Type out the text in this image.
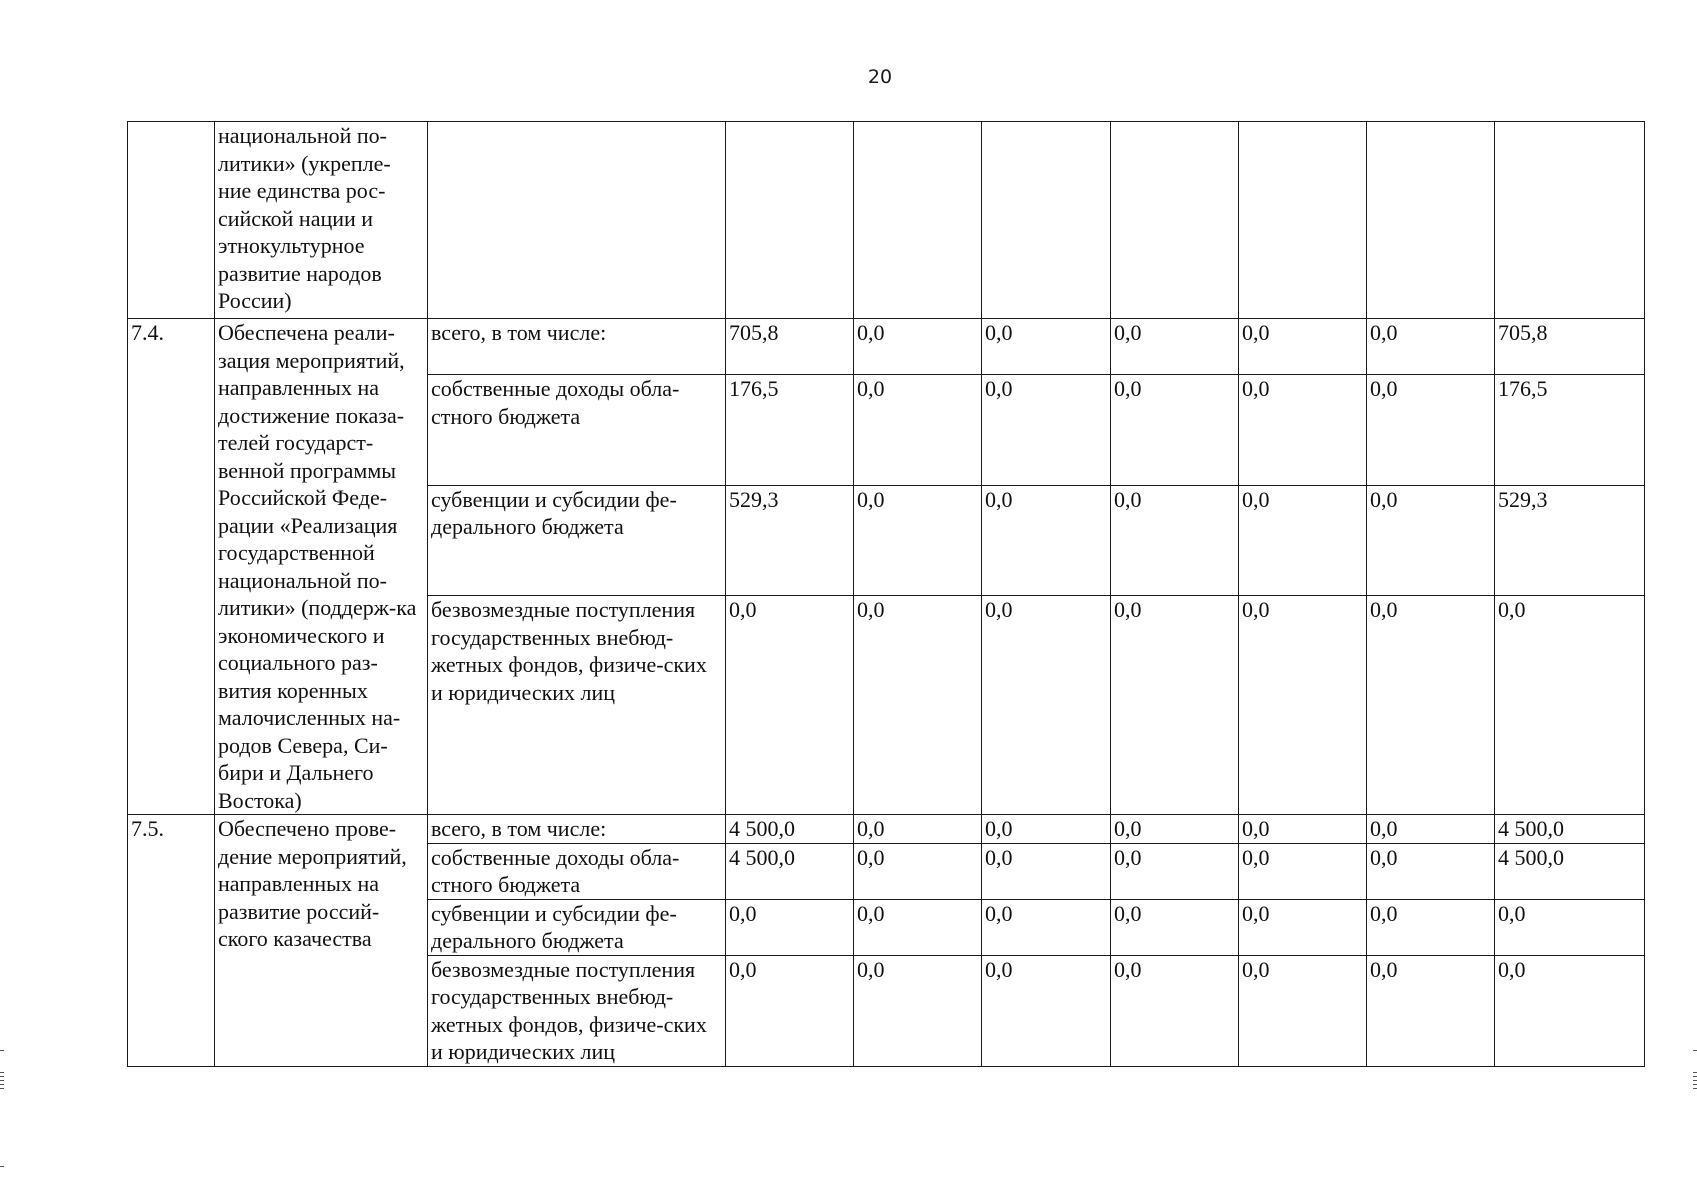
20
	национальной по-литики» (укрепле-ние единства рос-сийской нации и этнокультурное развитие народов России)								
7.4.	Обеспечена реали-зация мероприятий, направленных на достижение показа-телей государст-венной программы Российской Феде-рации «Реализация государственной национальной по-литики» (поддерж-ка экономического и социального раз-вития коренных малочисленных на-родов Севера, Си-бири и Дальнего Востока)	всего, в том числе:	705,8	0,0	0,0	0,0	0,0	0,0	705,8
		собственные доходы обла-стного бюджета	176,5	0,0	0,0	0,0	0,0	0,0	176,5
		субвенции и субсидии фе-дерального бюджета	529,3	0,0	0,0	0,0	0,0	0,0	529,3
		безвозмездные поступления государственных внебюд-жетных фондов, физиче-ских и юридических лиц	0,0	0,0	0,0	0,0	0,0	0,0	0,0
7.5.	Обеспечено прове-дение мероприятий, направленных на развитие россий-ского казачества	всего, в том числе:	4 500,0	0,0	0,0	0,0	0,0	0,0	4 500,0
		собственные доходы обла-стного бюджета	4 500,0	0,0	0,0	0,0	0,0	0,0	4 500,0
		субвенции и субсидии фе-дерального бюджета	0,0	0,0	0,0	0,0	0,0	0,0	0,0
		безвозмездные поступления государственных внебюд-жетных фондов, физиче-ских и юридических лиц	0,0	0,0	0,0	0,0	0,0	0,0	0,0
